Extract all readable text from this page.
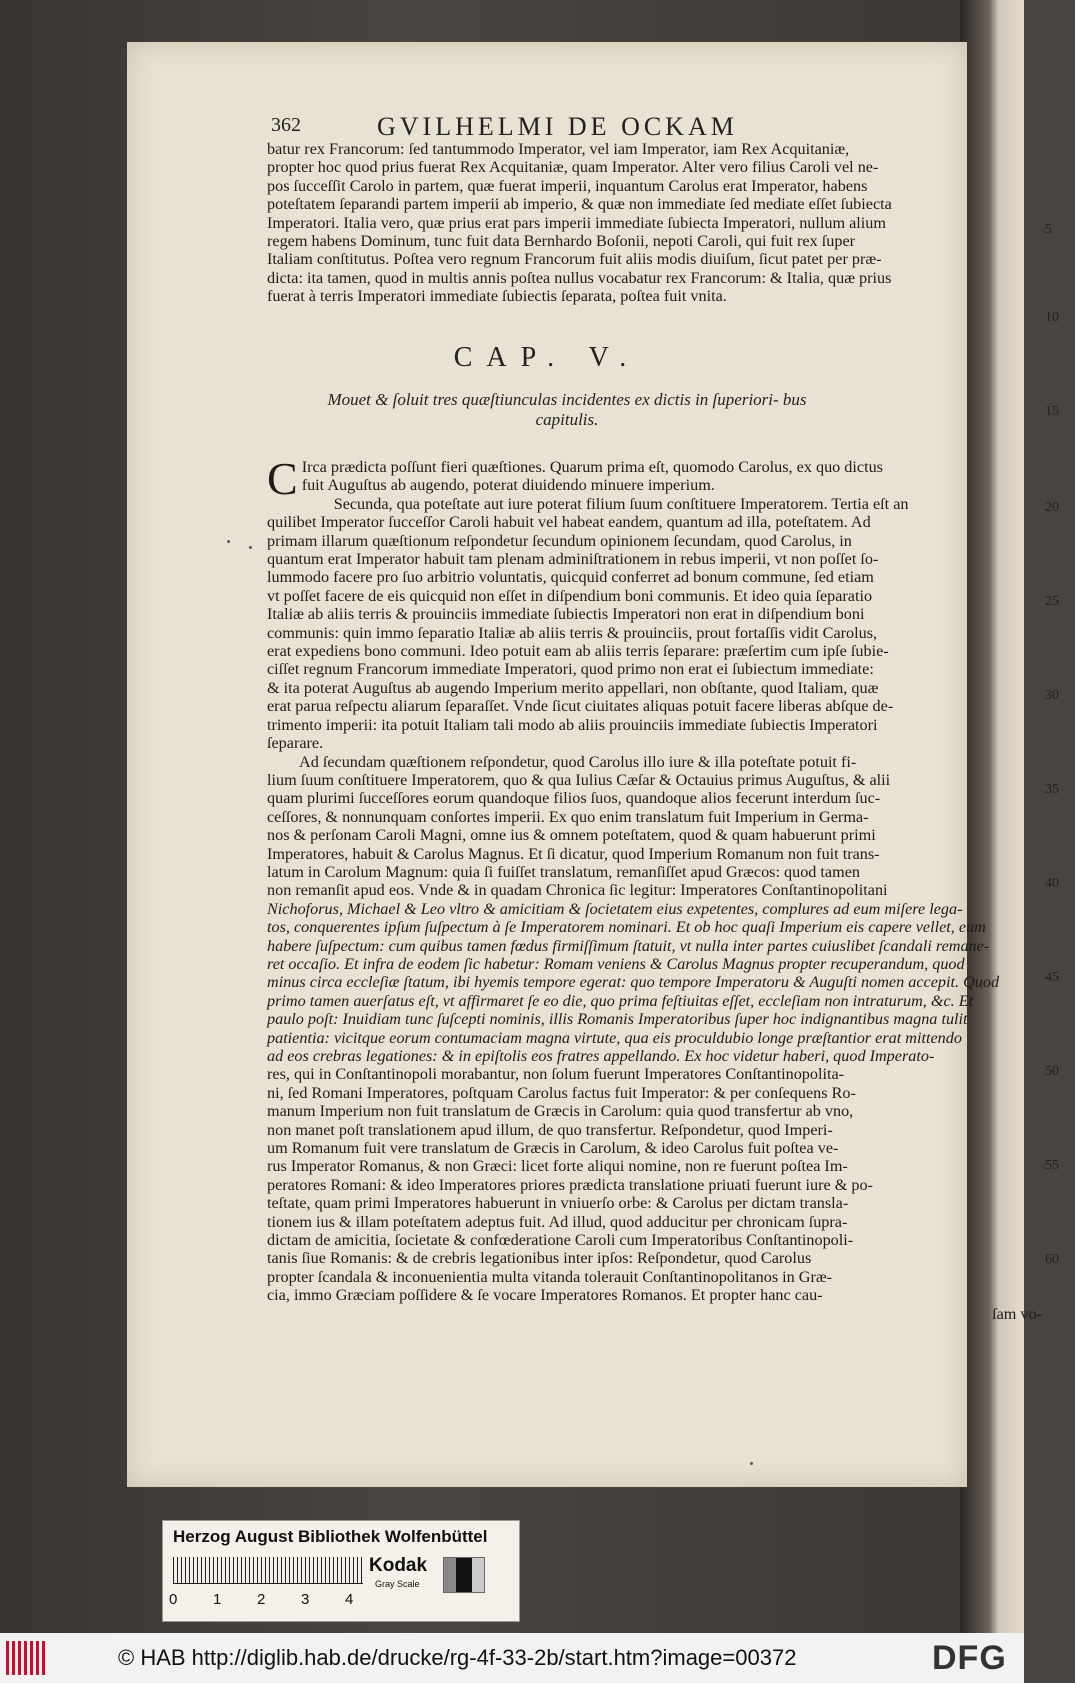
362	GVILHELMI DE OCKAM
batur rex Francorum: ſed tantummodo Imperator, vel iam Imperator, iam Rex Acquitaniæ,
propter hoc quod prius fuerat Rex Acquitaniæ, quam Imperator. Alter vero filius Caroli vel ne-
pos ſucceſſit Carolo in partem, quæ fuerat imperii, inquantum Carolus erat Imperator, habens
poteſtatem ſeparandi partem imperii ab imperio, & quæ non immediate ſed mediate eſſet ſubiecta
Imperatori. Italia vero, quæ prius erat pars imperii immediate ſubiecta Imperatori, nullum alium
regem habens Dominum, tunc fuit data Bernhardo Boſonii, nepoti Caroli, qui fuit rex ſuper
Italiam conſtitutus. Poſtea vero regnum Francorum fuit aliis modis diuiſum, ſicut patet per præ-
dicta: ita tamen, quod in multis annis poſtea nullus vocabatur rex Francorum: & Italia, quæ prius
fuerat à terris Imperatori immediate ſubiectis ſeparata, poſtea fuit vnita.
CAP. V.
Mouet & ſoluit tres quæſtiunculas incidentes ex dictis in ſuperiori- bus capitulis.
C Irca prædicta poſſunt fieri quæſtiones. Quarum prima eſt, quomodo Carolus, ex quo dictus
fuit Auguſtus ab augendo, poterat diuidendo minuere imperium.
Secunda, qua poteſtate aut iure poterat filium ſuum conſtituere Imperatorem. Tertia eſt an
quilibet Imperator ſucceſſor Caroli habuit vel habeat eandem, quantum ad illa, poteſtatem. Ad
primam illarum quæſtionum reſpondetur ſecundum opinionem ſecundam, quod Carolus, in
quantum erat Imperator habuit tam plenam adminiſtrationem in rebus imperii, vt non poſſet ſo-
lummodo facere pro ſuo arbitrio voluntatis, quicquid conferret ad bonum commune, ſed etiam
vt poſſet facere de eis quicquid non eſſet in diſpendium boni communis. Et ideo quia ſeparatio
Italiæ ab aliis terris & prouinciis immediate ſubiectis Imperatori non erat in diſpendium boni
communis: quin immo ſeparatio Italiæ ab aliis terris & prouinciis, prout fortaſſis vidit Carolus,
erat expediens bono communi. Ideo potuit eam ab aliis terris ſeparare: præſertim cum ipſe ſubie-
ciſſet regnum Francorum immediate Imperatori, quod primo non erat ei ſubiectum immediate:
& ita poterat Auguſtus ab augendo Imperium merito appellari, non obſtante, quod Italiam, quæ
erat parua reſpectu aliarum ſeparaſſet. Vnde ſicut ciuitates aliquas potuit facere liberas abſque de-
trimento imperii: ita potuit Italiam tali modo ab aliis prouinciis immediate ſubiectis Imperatori
ſeparare.
Ad ſecundam quæſtionem reſpondetur, quod Carolus illo iure & illa poteſtate potuit fi-
lium ſuum conſtituere Imperatorem, quo & qua Iulius Cæſar & Octauius primus Auguſtus, & alii
quam plurimi ſucceſſores eorum quandoque filios ſuos, quandoque alios fecerunt interdum ſuc-
ceſſores, & nonnunquam conſortes imperii. Ex quo enim translatum fuit Imperium in Germa-
nos & perſonam Caroli Magni, omne ius & omnem poteſtatem, quod & quam habuerunt primi
Imperatores, habuit & Carolus Magnus. Et ſi dicatur, quod Imperium Romanum non fuit trans-
latum in Carolum Magnum: quia ſi fuiſſet translatum, remanſiſſet apud Græcos: quod tamen
non remanſit apud eos. Vnde & in quadam Chronica ſic legitur: Imperatores Conſtantinopolitani
Nichoforus, Michael & Leo vltro & amicitiam & ſocietatem eius expetentes, complures ad eum miſere lega-
tos, conquerentes ipſum ſuſpectum à ſe Imperatorem nominari. Et ob hoc quaſi Imperium eis capere vellet, eum
habere ſuſpectum: cum quibus tamen fœdus firmiſſimum ſtatuit, vt nulla inter partes cuiuslibet ſcandali remane-
ret occaſio. Et infra de eodem ſic habetur: Romam veniens & Carolus Magnus propter recuperandum, quod
minus circa eccleſiæ ſtatum, ibi hyemis tempore egerat: quo tempore Imperatoru & Auguſti nomen accepit. Quod
primo tamen auerſatus eſt, vt affirmaret ſe eo die, quo prima feſtiuitas eſſet, eccleſiam non intraturum, &c. Et
paulo poſt: Inuidiam tunc ſuſcepti nominis, illis Romanis Imperatoribus ſuper hoc indignantibus magna tulit
patientia: vicitque eorum contumaciam magna virtute, qua eis proculdubio longe præſtantior erat mittendo
ad eos crebras legationes: & in epiſtolis eos fratres appellando. Ex hoc videtur haberi, quod Imperato-
res, qui in Conſtantinopoli morabantur, non ſolum fuerunt Imperatores Conſtantinopolita-
ni, ſed Romani Imperatores, poſtquam Carolus factus fuit Imperator: & per conſequens Ro-
manum Imperium non fuit translatum de Græcis in Carolum: quia quod transfertur ab vno,
non manet poſt translationem apud illum, de quo transfertur. Reſpondetur, quod Imperi-
um Romanum fuit vere translatum de Græcis in Carolum, & ideo Carolus fuit poſtea ve-
rus Imperator Romanus, & non Græci: licet forte aliqui nomine, non re fuerunt poſtea Im-
peratores Romani: & ideo Imperatores priores prædicta translatione priuati fuerunt iure & po-
teſtate, quam primi Imperatores habuerunt in vniuerſo orbe: & Carolus per dictam transla-
tionem ius & illam poteſtatem adeptus fuit. Ad illud, quod adducitur per chronicam ſupra-
dictam de amicitia, ſocietate & confœderatione Caroli cum Imperatoribus Conſtantinopoli-
tanis ſiue Romanis: & de crebris legationibus inter ipſos: Reſpondetur, quod Carolus
propter ſcandala & inconuenientia multa vitanda tolerauit Conſtantinopolitanos in Græ-
cia, immo Græciam poſſidere & ſe vocare Imperatores Romanos. Et propter hanc cau-
ſam vo-
5
10
15
20
25
30
35
40
45
50
55
60
Herzog August Bibliothek Wolfenbüttel
0 1 2 3 4
Kodak
Gray Scale
© HAB http://diglib.hab.de/drucke/rg-4f-33-2b/start.htm?image=00372	DFG
